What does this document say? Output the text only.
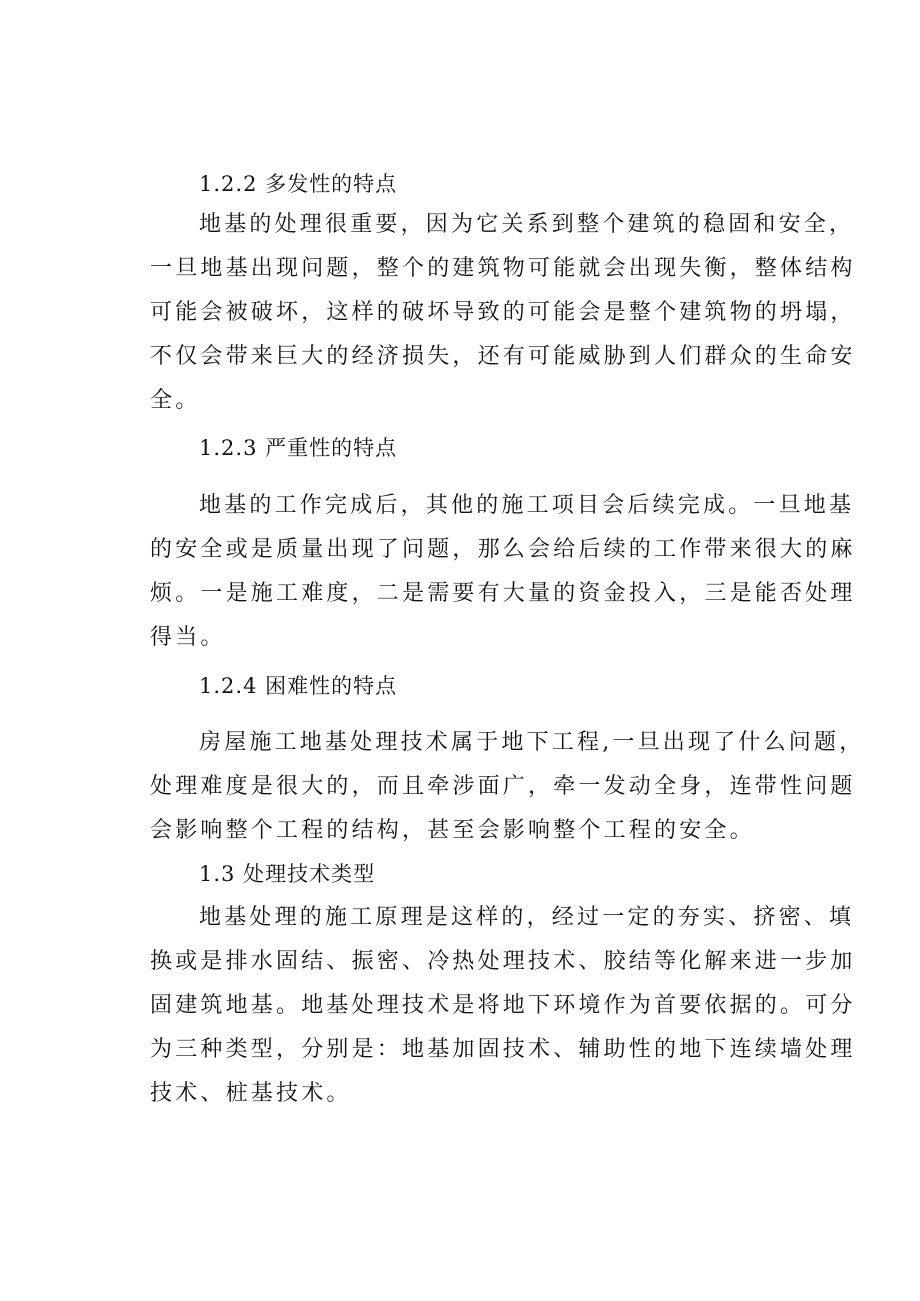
1.2.2 多发性的特点
地基的处理很重要，因为它关系到整个建筑的稳固和安全，
一旦地基出现问题，整个的建筑物可能就会出现失衡，整体结构
可能会被破坏，这样的破坏导致的可能会是整个建筑物的坍塌，
不仅会带来巨大的经济损失，还有可能威胁到人们群众的生命安
全。
1.2.3 严重性的特点
地基的工作完成后，其他的施工项目会后续完成。一旦地基
的安全或是质量出现了问题，那么会给后续的工作带来很大的麻
烦。一是施工难度，二是需要有大量的资金投入，三是能否处理
得当。
1.2.4 困难性的特点
房屋施工地基处理技术属于地下工程,一旦出现了什么问题，
处理难度是很大的，而且牵涉面广，牵一发动全身，连带性问题
会影响整个工程的结构，甚至会影响整个工程的安全。
1.3 处理技术类型
地基处理的施工原理是这样的，经过一定的夯实、挤密、填
换或是排水固结、振密、冷热处理技术、胶结等化解来进一步加
固建筑地基。地基处理技术是将地下环境作为首要依据的。可分
为三种类型，分别是：地基加固技术、辅助性的地下连续墙处理
技术、桩基技术。
